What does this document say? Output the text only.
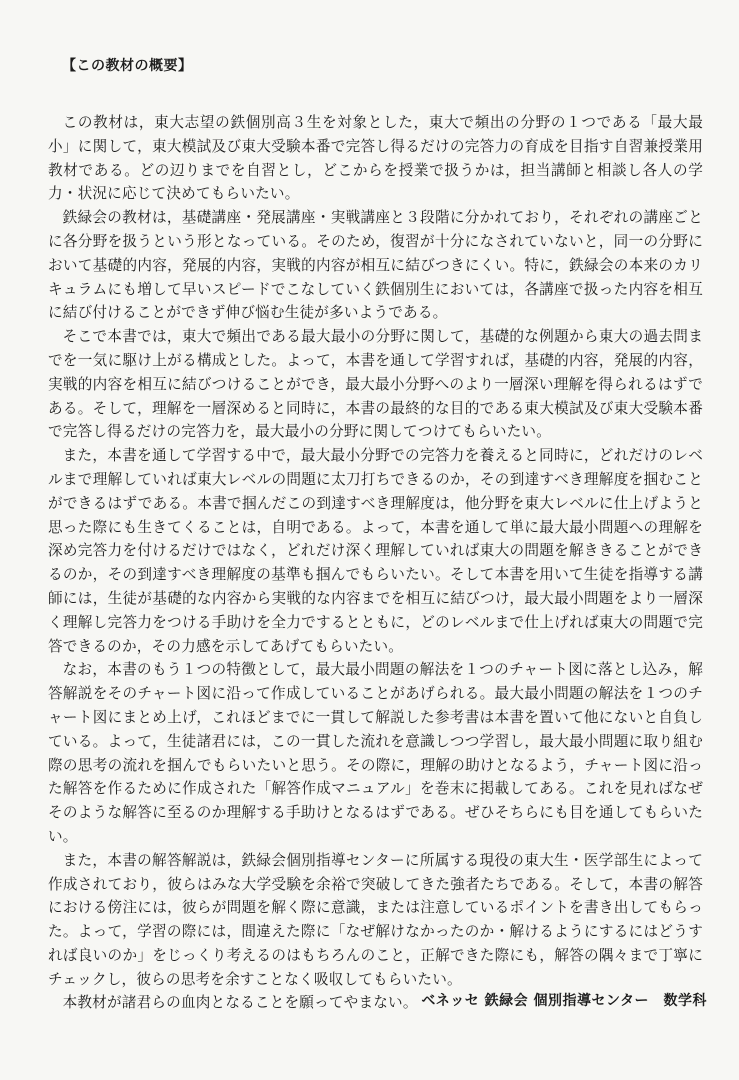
【この教材の概要】

この教材は，東大志望の鉄個別高３生を対象とした，東大で頻出の分野の１つである「最大最小」に関して，東大模試及び東大受験本番で完答し得るだけの完答力の育成を目指す自習兼授業用教材である。どの辺りまでを自習とし，どこからを授業で扱うかは，担当講師と相談し各人の学力・状況に応じて決めてもらいたい。

鉄緑会の教材は，基礎講座・発展講座・実戦講座と３段階に分かれており，それぞれの講座ごとに各分野を扱うという形となっている。そのため，復習が十分になされていないと，同一の分野において基礎的内容，発展的内容，実戦的内容が相互に結びつきにくい。特に，鉄緑会の本来のカリキュラムにも増して早いスピードでこなしていく鉄個別生においては，各講座で扱った内容を相互に結び付けることができず伸び悩む生徒が多いようである。

そこで本書では，東大で頻出である最大最小の分野に関して，基礎的な例題から東大の過去問までを一気に駆け上がる構成とした。よって，本書を通して学習すれば，基礎的内容，発展的内容，実戦的内容を相互に結びつけることができ，最大最小分野へのより一層深い理解を得られるはずである。そして，理解を一層深めると同時に，本書の最終的な目的である東大模試及び東大受験本番で完答し得るだけの完答力を，最大最小の分野に関してつけてもらいたい。

また，本書を通して学習する中で，最大最小分野での完答力を養えると同時に，どれだけのレベルまで理解していれば東大レベルの問題に太刀打ちできるのか，その到達すべき理解度を掴むことができるはずである。本書で掴んだこの到達すべき理解度は，他分野を東大レベルに仕上げようと思った際にも生きてくることは，自明である。よって，本書を通して単に最大最小問題への理解を深め完答力を付けるだけではなく，どれだけ深く理解していれば東大の問題を解ききることができるのか，その到達すべき理解度の基準も掴んでもらいたい。そして本書を用いて生徒を指導する講師には，生徒が基礎的な内容から実戦的な内容までを相互に結びつけ，最大最小問題をより一層深く理解し完答力をつける手助けを全力でするとともに，どのレベルまで仕上げれば東大の問題で完答できるのか，その力感を示してあげてもらいたい。

なお，本書のもう１つの特徴として，最大最小問題の解法を１つのチャート図に落とし込み，解答解説をそのチャート図に沿って作成していることがあげられる。最大最小問題の解法を１つのチャート図にまとめ上げ，これほどまでに一貫して解説した参考書は本書を置いて他にないと自負している。よって，生徒諸君には，この一貫した流れを意識しつつ学習し，最大最小問題に取り組む際の思考の流れを掴んでもらいたいと思う。その際に，理解の助けとなるよう，チャート図に沿った解答を作るために作成された「解答作成マニュアル」を巻末に掲載してある。これを見ればなぜそのような解答に至るのか理解する手助けとなるはずである。ぜひそちらにも目を通してもらいたい。

また，本書の解答解説は，鉄緑会個別指導センターに所属する現役の東大生・医学部生によって作成されており，彼らはみな大学受験を余裕で突破してきた強者たちである。そして，本書の解答における傍注には，彼らが問題を解く際に意識，または注意しているポイントを書き出してもらった。よって，学習の際には，間違えた際に「なぜ解けなかったのか・解けるようにするにはどうすれば良いのか」をじっくり考えるのはもちろんのこと，正解できた際にも，解答の隅々まで丁寧にチェックし，彼らの思考を余すことなく吸収してもらいたい。

本教材が諸君らの血肉となることを願ってやまない。 ベネッセ 鉄緑会 個別指導センター　数学科
